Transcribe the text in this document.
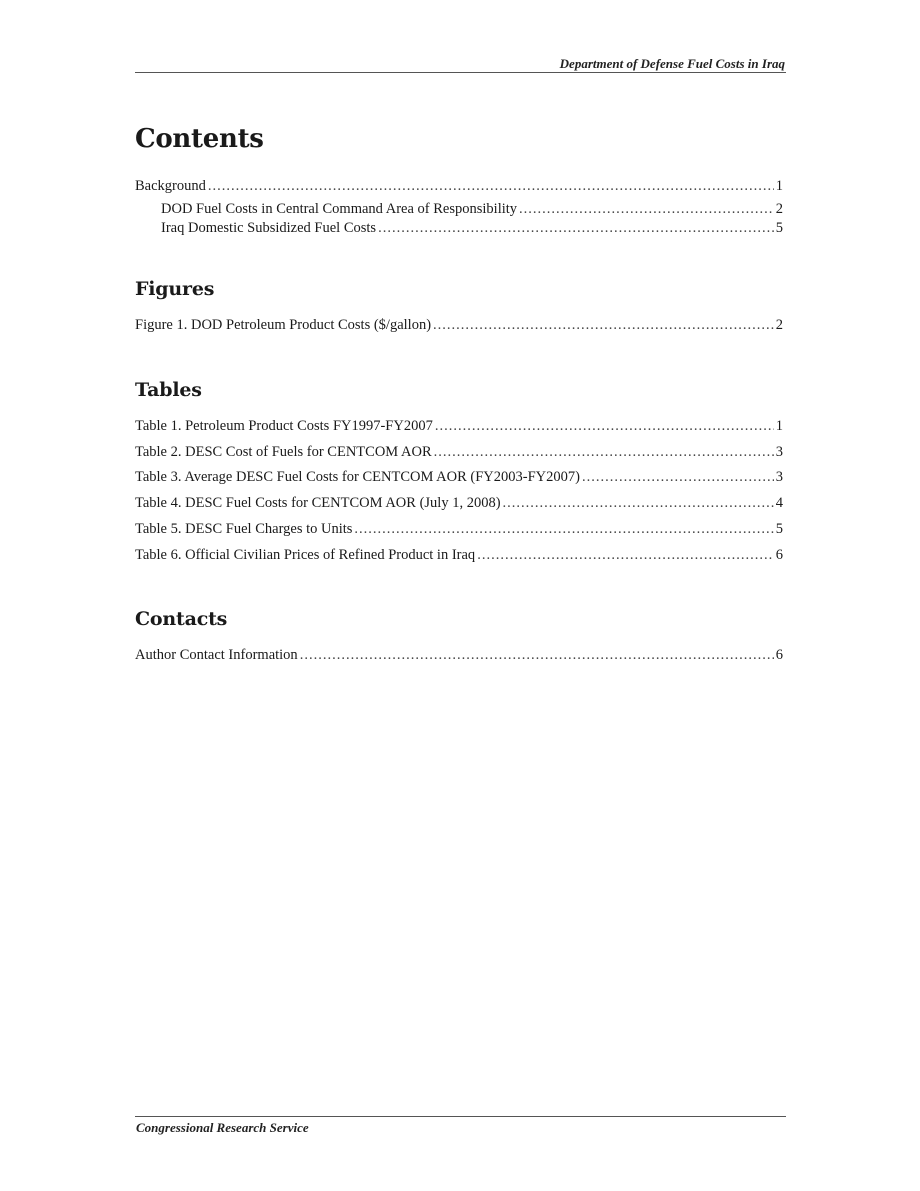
Department of Defense Fuel Costs in Iraq
Contents
Background .....	1
DOD Fuel Costs in Central Command Area of Responsibility .....	2
Iraq Domestic Subsidized Fuel Costs .....	5
Figures
Figure 1. DOD Petroleum Product Costs ($/gallon) .....	2
Tables
Table 1. Petroleum Product Costs FY1997-FY2007 .....	1
Table 2. DESC Cost of Fuels for CENTCOM AOR .....	3
Table 3. Average DESC Fuel Costs for CENTCOM AOR (FY2003-FY2007) .....	3
Table 4. DESC Fuel Costs for CENTCOM AOR (July 1, 2008) .....	4
Table 5. DESC Fuel Charges to Units .....	5
Table 6. Official Civilian Prices of Refined Product in Iraq .....	6
Contacts
Author Contact Information .....	6
Congressional Research Service
